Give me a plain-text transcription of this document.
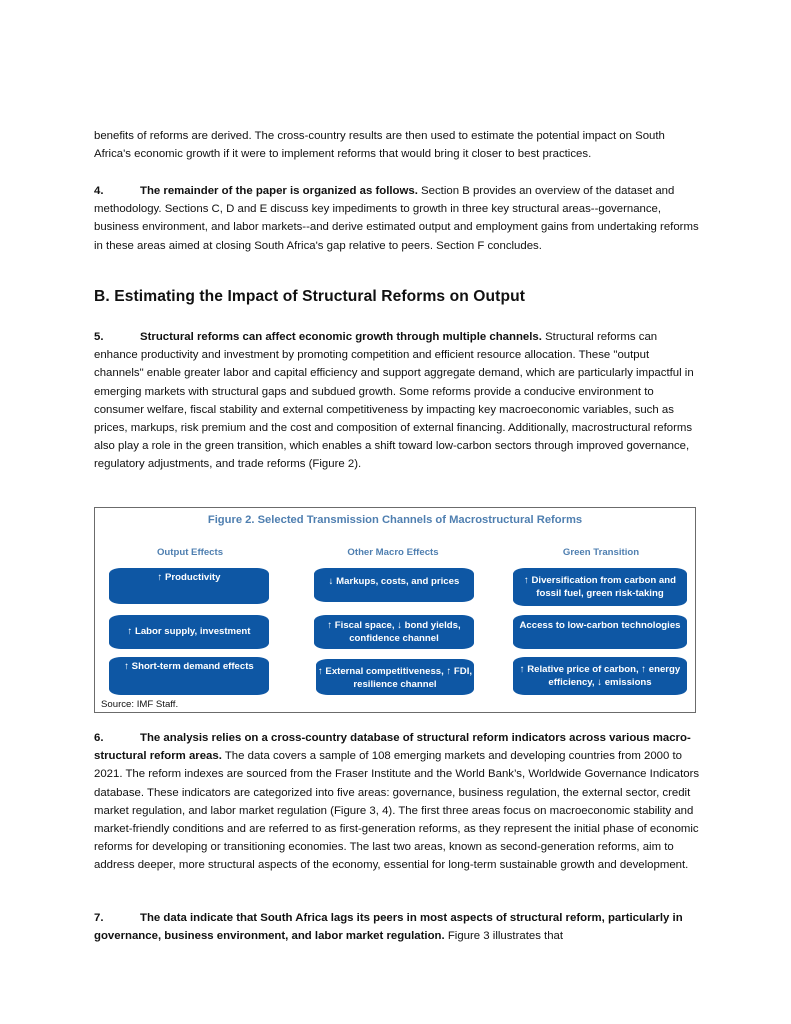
benefits of reforms are derived. The cross-country results are then used to estimate the potential impact on South Africa's economic growth if it were to implement reforms that would bring it closer to best practices.

4.	The remainder of the paper is organized as follows. Section B provides an overview of the dataset and methodology. Sections C, D and E discuss key impediments to growth in three key structural areas--governance, business environment, and labor markets--and derive estimated output and employment gains from undertaking reforms in these areas aimed at closing South Africa's gap relative to peers. Section F concludes.

B. Estimating the Impact of Structural Reforms on Output

5.	Structural reforms can affect economic growth through multiple channels. Structural reforms can enhance productivity and investment by promoting competition and efficient resource allocation. These "output channels" enable greater labor and capital efficiency and support aggregate demand, which are particularly impactful in emerging markets with structural gaps and subdued growth. Some reforms provide a conducive environment to consumer welfare, fiscal stability and external competitiveness by impacting key macroeconomic variables, such as prices, markups, risk premium and the cost and composition of external financing. Additionally, macrostructural reforms also play a role in the green transition, which enables a shift toward low-carbon sectors through improved governance, regulatory adjustments, and trade reforms (Figure 2).

Figure 2. Selected Transmission Channels of Macrostructural Reforms
Output Effects	Other Macro Effects	Green Transition
↑ Productivity
↑ Labor supply, investment
↑ Short-term demand effects
↓ Markups, costs, and prices
↑ Fiscal space, ↓ bond yields, confidence channel
↑ External competitiveness, ↑ FDI, resilience channel
↑ Diversification from carbon and fossil fuel, green risk-taking
Access to low-carbon technologies
↑ Relative price of carbon, ↑ energy efficiency, ↓ emissions
Source: IMF Staff.

6.	The analysis relies on a cross-country database of structural reform indicators across various macro-structural reform areas. The data covers a sample of 108 emerging markets and developing countries from 2000 to 2021. The reform indexes are sourced from the Fraser Institute and the World Bank’s, Worldwide Governance Indicators database. These indicators are categorized into five areas: governance, business regulation, the external sector, credit market regulation, and labor market regulation (Figure 3, 4). The first three areas focus on macroeconomic stability and market-friendly conditions and are referred to as first-generation reforms, as they represent the initial phase of economic reforms for developing or transitioning economies. The last two areas, known as second-generation reforms, aim to address deeper, more structural aspects of the economy, essential for long-term sustainable growth and development.

7.	The data indicate that South Africa lags its peers in most aspects of structural reform, particularly in governance, business environment, and labor market regulation. Figure 3 illustrates that
